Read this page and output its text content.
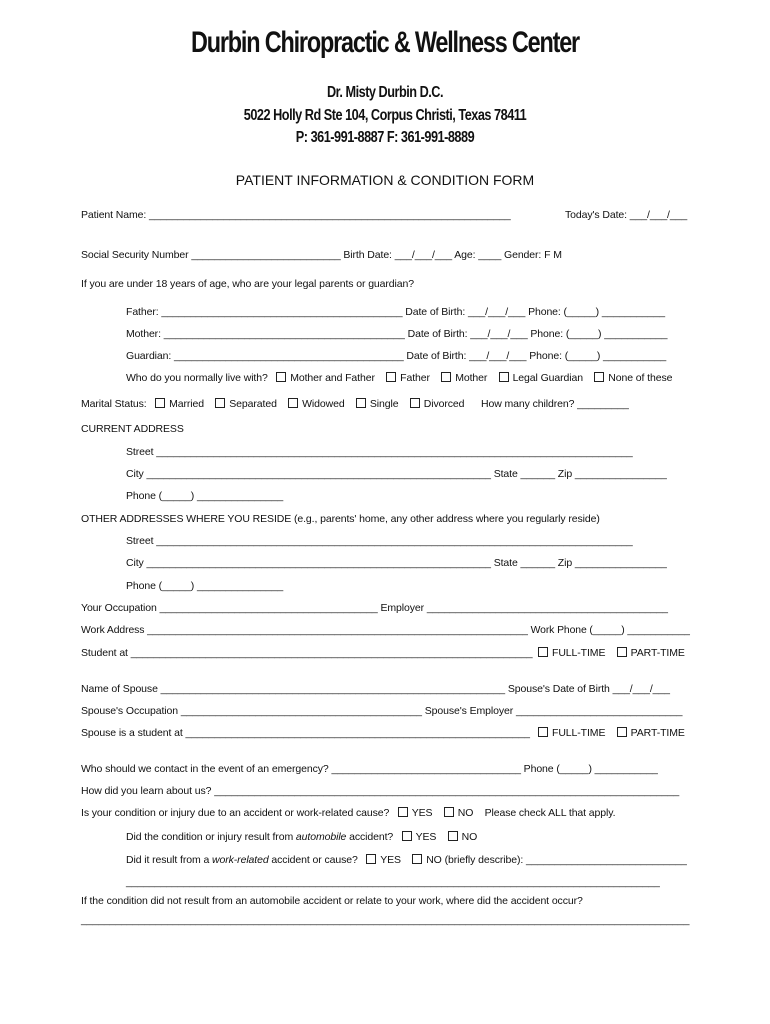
Durbin Chiropractic & Wellness Center
Dr. Misty Durbin D.C.
5022 Holly Rd Ste 104, Corpus Christi, Texas 78411
P: 361-991-8887 F: 361-991-8889
PATIENT INFORMATION & CONDITION FORM
Patient Name: _______________________________________________________________	Today's Date: ___/___/___
Social Security Number __________________________ Birth Date: ___/___/___ Age: ____ Gender: F M
If you are under 18 years of age, who are your legal parents or guardian?
Father: __________________________________________ Date of Birth: ___/___/___ Phone: (_____) ___________
Mother: __________________________________________ Date of Birth: ___/___/___ Phone: (_____) ___________
Guardian: ________________________________________ Date of Birth: ___/___/___ Phone: (_____) ___________
Who do you normally live with? Mother and Father Father Mother Legal Guardian None of these
Marital Status: Married Separated Widowed Single Divorced How many children? _________
CURRENT ADDRESS
Street ___________________________________________________________________________________
City ____________________________________________________________ State ______ Zip ________________
Phone (_____) _______________
OTHER ADDRESSES WHERE YOU RESIDE (e.g., parents' home, any other address where you regularly reside)
Street ___________________________________________________________________________________
City ____________________________________________________________ State ______ Zip ________________
Phone (_____) _______________
Your Occupation ______________________________________ Employer __________________________________________
Work Address ___________________________________________________________________ Work Phone (_____) ___________
Student at ______________________________________________________________________	FULL-TIME PART-TIME
Name of Spouse ____________________________________________________________ Spouse's Date of Birth ___/___/___
Spouse's Occupation __________________________________________ Spouse's Employer _____________________________
Spouse is a student at ____________________________________________________________	FULL-TIME PART-TIME
Who should we contact in the event of an emergency? _________________________________ Phone (_____) ___________
How did you learn about us? _________________________________________________________________________________
Is your condition or injury due to an accident or work-related cause? YES NO Please check ALL that apply.
Did the condition or injury result from automobile accident? YES NO
Did it result from a work-related accident or cause? YES NO (briefly describe): ____________________________
_____________________________________________________________________________________________
If the condition did not result from an automobile accident or relate to your work, where did the accident occur?
__________________________________________________________________________________________________________
